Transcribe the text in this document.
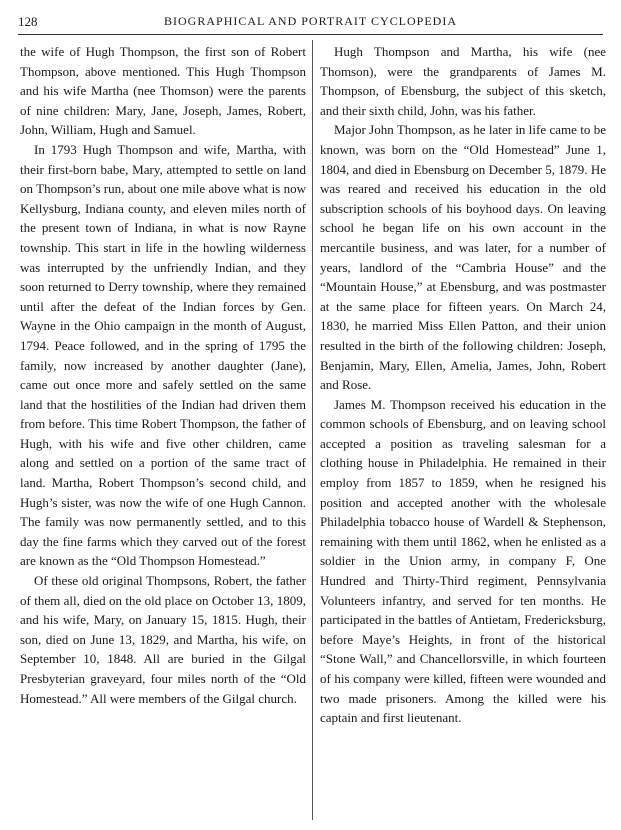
128	BIOGRAPHICAL AND PORTRAIT CYCLOPEDIA

the wife of Hugh Thompson, the first son of Robert Thompson, above mentioned. This Hugh Thompson and his wife Martha (nee Thomson) were the parents of nine children: Mary, Jane, Joseph, James, Robert, John, William, Hugh and Samuel.

In 1793 Hugh Thompson and wife, Martha, with their first-born babe, Mary, attempted to settle on land on Thompson’s run, about one mile above what is now Kellysburg, Indiana county, and eleven miles north of the present town of Indiana, in what is now Rayne township. This start in life in the howling wilderness was interrupted by the unfriendly Indian, and they soon returned to Derry township, where they remained until after the defeat of the Indian forces by Gen. Wayne in the Ohio campaign in the month of August, 1794. Peace followed, and in the spring of 1795 the family, now increased by another daughter (Jane), came out once more and safely settled on the same land that the hostilities of the Indian had driven them from before. This time Robert Thompson, the father of Hugh, with his wife and five other children, came along and settled on a portion of the same tract of land. Martha, Robert Thompson’s second child, and Hugh’s sister, was now the wife of one Hugh Cannon. The family was now permanently settled, and to this day the fine farms which they carved out of the forest are known as the “Old Thompson Homestead.”

Of these old original Thompsons, Robert, the father of them all, died on the old place on October 13, 1809, and his wife, Mary, on January 15, 1815. Hugh, their son, died on June 13, 1829, and Martha, his wife, on September 10, 1848. All are buried in the Gilgal Presbyterian graveyard, four miles north of the “Old Homestead.” All were members of the Gilgal church.

Hugh Thompson and Martha, his wife (nee Thomson), were the grandparents of James M. Thompson, of Ebensburg, the subject of this sketch, and their sixth child, John, was his father.

Major John Thompson, as he later in life came to be known, was born on the “Old Homestead” June 1, 1804, and died in Ebensburg on December 5, 1879. He was reared and received his education in the old subscription schools of his boyhood days. On leaving school he began life on his own account in the mercantile business, and was later, for a number of years, landlord of the “Cambria House” and the “Mountain House,” at Ebensburg, and was postmaster at the same place for fifteen years. On March 24, 1830, he married Miss Ellen Patton, and their union resulted in the birth of the following children: Joseph, Benjamin, Mary, Ellen, Amelia, James, John, Robert and Rose.

James M. Thompson received his education in the common schools of Ebensburg, and on leaving school accepted a position as traveling salesman for a clothing house in Philadelphia. He remained in their employ from 1857 to 1859, when he resigned his position and accepted another with the wholesale Philadelphia tobacco house of Wardell & Stephenson, remaining with them until 1862, when he enlisted as a soldier in the Union army, in company F, One Hundred and Thirty-Third regiment, Pennsylvania Volunteers infantry, and served for ten months. He participated in the battles of Antietam, Fredericksburg, before Maye’s Heights, in front of the historical “Stone Wall,” and Chancellorsville, in which fourteen of his company were killed, fifteen were wounded and two made prisoners. Among the killed were his captain and first lieutenant.
